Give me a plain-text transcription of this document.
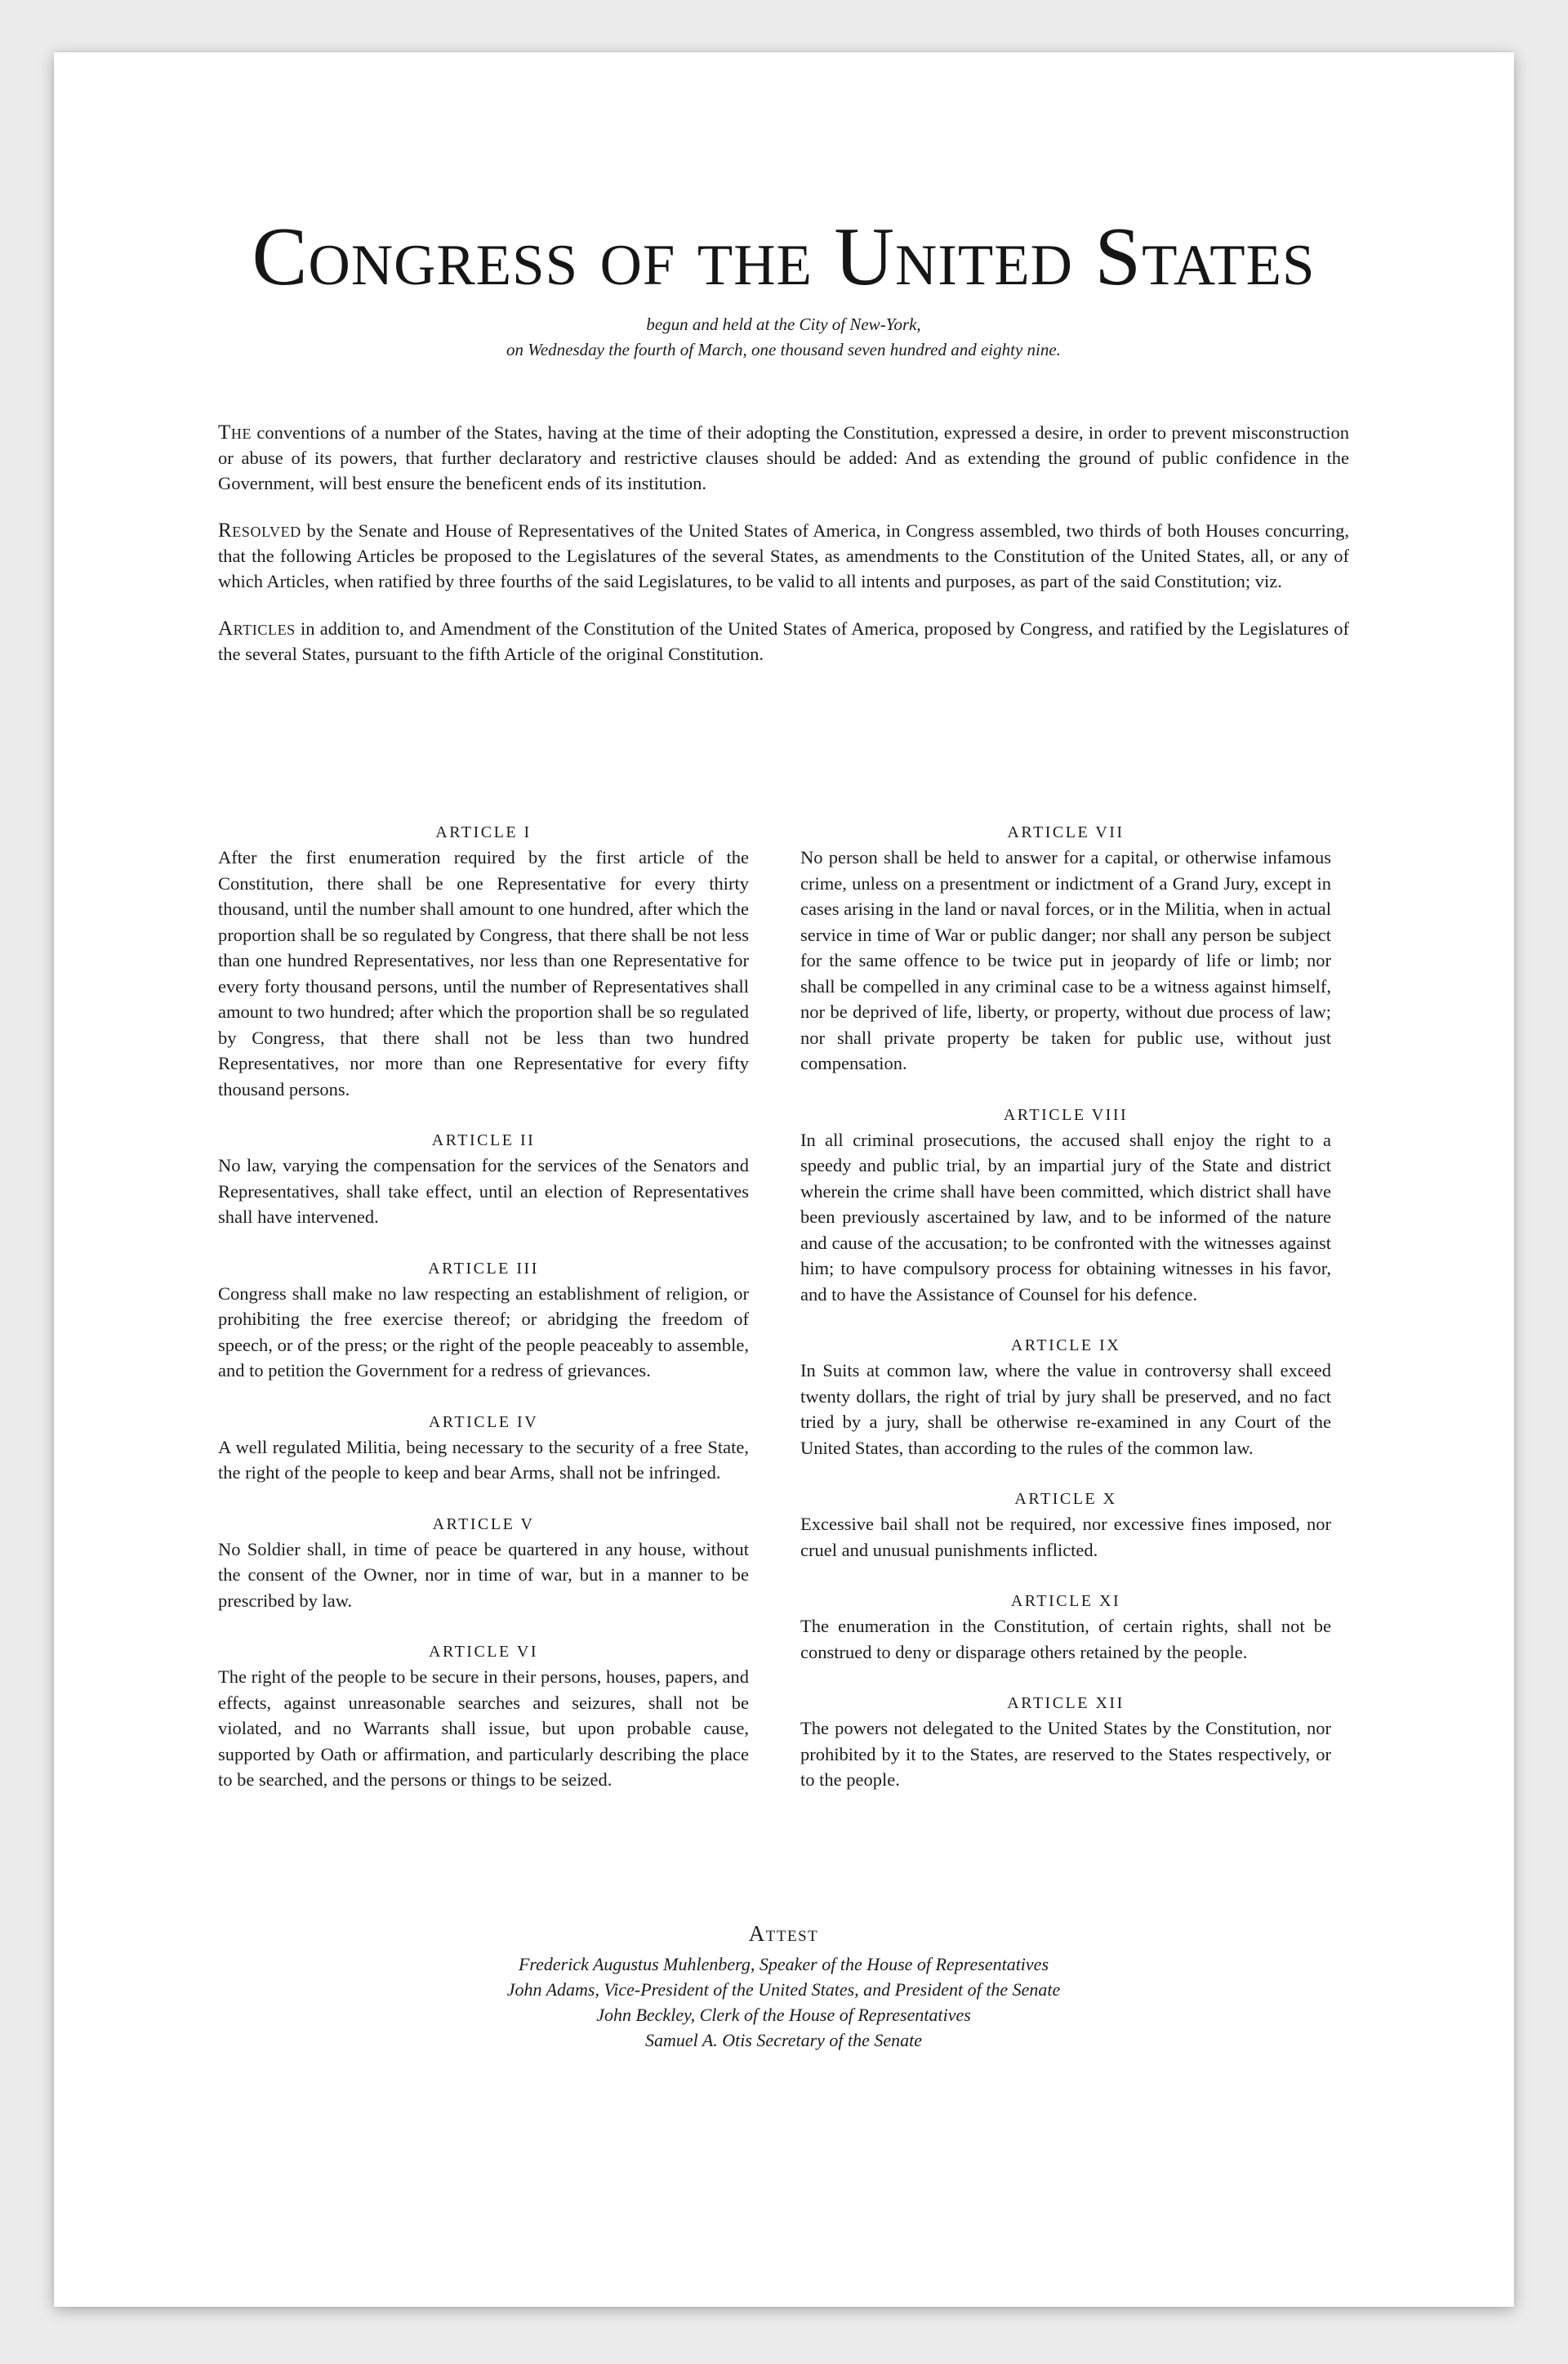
Congress of the United States
begun and held at the City of New-York,
on Wednesday the fourth of March, one thousand seven hundred and eighty nine.

The conventions of a number of the States, having at the time of their adopting the Constitution, expressed a desire, in order to prevent misconstruction or abuse of its powers, that further declaratory and restrictive clauses should be added: And as extending the ground of public confidence in the Government, will best ensure the beneficent ends of its institution.

Resolved by the Senate and House of Representatives of the United States of America, in Congress assembled, two thirds of both Houses concurring, that the following Articles be proposed to the Legislatures of the several States, as amendments to the Constitution of the United States, all, or any of which Articles, when ratified by three fourths of the said Legislatures, to be valid to all intents and purposes, as part of the said Constitution; viz.

Articles in addition to, and Amendment of the Constitution of the United States of America, proposed by Congress, and ratified by the Legislatures of the several States, pursuant to the fifth Article of the original Constitution.

ARTICLE I
After the first enumeration required by the first article of the Constitution, there shall be one Representative for every thirty thousand, until the number shall amount to one hundred, after which the proportion shall be so regulated by Congress, that there shall be not less than one hundred Representatives, nor less than one Representative for every forty thousand persons, until the number of Representatives shall amount to two hundred; after which the proportion shall be so regulated by Congress, that there shall not be less than two hundred Representatives, nor more than one Representative for every fifty thousand persons.
ARTICLE II
No law, varying the compensation for the services of the Senators and Representatives, shall take effect, until an election of Representatives shall have intervened.
ARTICLE III
Congress shall make no law respecting an establishment of religion, or prohibiting the free exercise thereof; or abridging the freedom of speech, or of the press; or the right of the people peaceably to assemble, and to petition the Government for a redress of grievances.
ARTICLE IV
A well regulated Militia, being necessary to the security of a free State, the right of the people to keep and bear Arms, shall not be infringed.
ARTICLE V
No Soldier shall, in time of peace be quartered in any house, without the consent of the Owner, nor in time of war, but in a manner to be prescribed by law.
ARTICLE VI
The right of the people to be secure in their persons, houses, papers, and effects, against unreasonable searches and seizures, shall not be violated, and no Warrants shall issue, but upon probable cause, supported by Oath or affirmation, and particularly describing the place to be searched, and the persons or things to be seized.
ARTICLE VII
No person shall be held to answer for a capital, or otherwise infamous crime, unless on a presentment or indictment of a Grand Jury, except in cases arising in the land or naval forces, or in the Militia, when in actual service in time of War or public danger; nor shall any person be subject for the same offence to be twice put in jeopardy of life or limb; nor shall be compelled in any criminal case to be a witness against himself, nor be deprived of life, liberty, or property, without due process of law; nor shall private property be taken for public use, without just compensation.
ARTICLE VIII
In all criminal prosecutions, the accused shall enjoy the right to a speedy and public trial, by an impartial jury of the State and district wherein the crime shall have been committed, which district shall have been previously ascertained by law, and to be informed of the nature and cause of the accusation; to be confronted with the witnesses against him; to have compulsory process for obtaining witnesses in his favor, and to have the Assistance of Counsel for his defence.
ARTICLE IX
In Suits at common law, where the value in controversy shall exceed twenty dollars, the right of trial by jury shall be preserved, and no fact tried by a jury, shall be otherwise re-examined in any Court of the United States, than according to the rules of the common law.
ARTICLE X
Excessive bail shall not be required, nor excessive fines imposed, nor cruel and unusual punishments inflicted.
ARTICLE XI
The enumeration in the Constitution, of certain rights, shall not be construed to deny or disparage others retained by the people.
ARTICLE XII
The powers not delegated to the United States by the Constitution, nor prohibited by it to the States, are reserved to the States respectively, or to the people.
Attest
Frederick Augustus Muhlenberg, Speaker of the House of Representatives
John Adams, Vice-President of the United States, and President of the Senate
John Beckley, Clerk of the House of Representatives
Samuel A. Otis Secretary of the Senate
